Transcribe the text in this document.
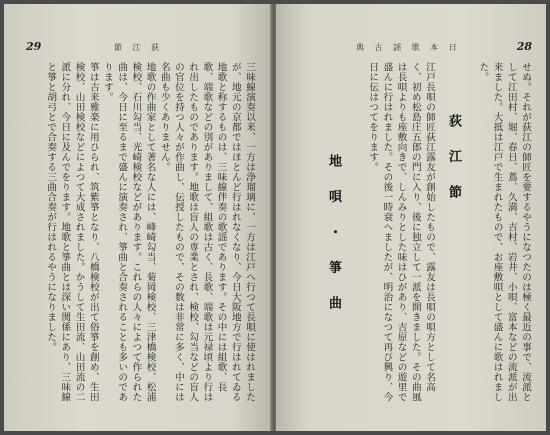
29	節 江 荻

三味線演奏以来、一方は浄瑠璃に、一方は江戸へ行つて長唄に使はれましたが、地元の京都ではほとんど行はれなくなり、今日大阪地方で行はれてゐる地歌と称するものは、三味線伴奏の歌謡であります。その中には組歌、長歌、端歌などの別がありまして、組歌は古く、長歌、端歌は元禄頃より行はれ出したものであります。地歌は盲人の専業とされ、検校、勾当などの盲人の官位を持つ人々が作曲し、伝授したもので、その数は非常に多く、中には名曲も少くありません。

地歌の作曲家として著名な人には、峰崎勾当、菊岡検校、三津橋検校、松浦検校、石川勾当、光崎検校などがあります。これらの人々によつて作られた曲は、今日に至るまで盛んに演奏され、箏曲と合奏されることも多いのであります。

箏は古来雅楽に用ひられ、筑紫箏となり、八橋検校が出て俗箏を創め、生田検校、山田検校などによつて大成されました。かうして生田流、山田流の二派に分れ、今日に及んでをります。地歌と箏曲とは深い関係にあり、三味線と箏と胡弓とで合奏する三曲合奏が行はれるやうになりました。

28
典 古 謡 歌 本 日

せぬ。それが荻江の師匠を要するやうになつたのは極く最近の事で、流派として江田村、堀、春日、蔦、久満、吉村、岩井、小唄、富本などの流派が出来ました。大抵は江戸で生まれたもので、お座敷唄として盛んに歌はれました。

荻 江 節

江戸長唄の師匠荻江露友が創始したもので、露友は長唄の唄方として名高く、初め松島庄五郎の門に入り、後に独立して一派を開きました。その曲風は長唄よりも座敷向きで、しんみりとした味はひがあり、吉原などの遊里で盛んに行はれました。その後一時衰へましたが、明治になつて再び興り、今日に伝はつてをります。

地 唄 ・ 箏 曲
